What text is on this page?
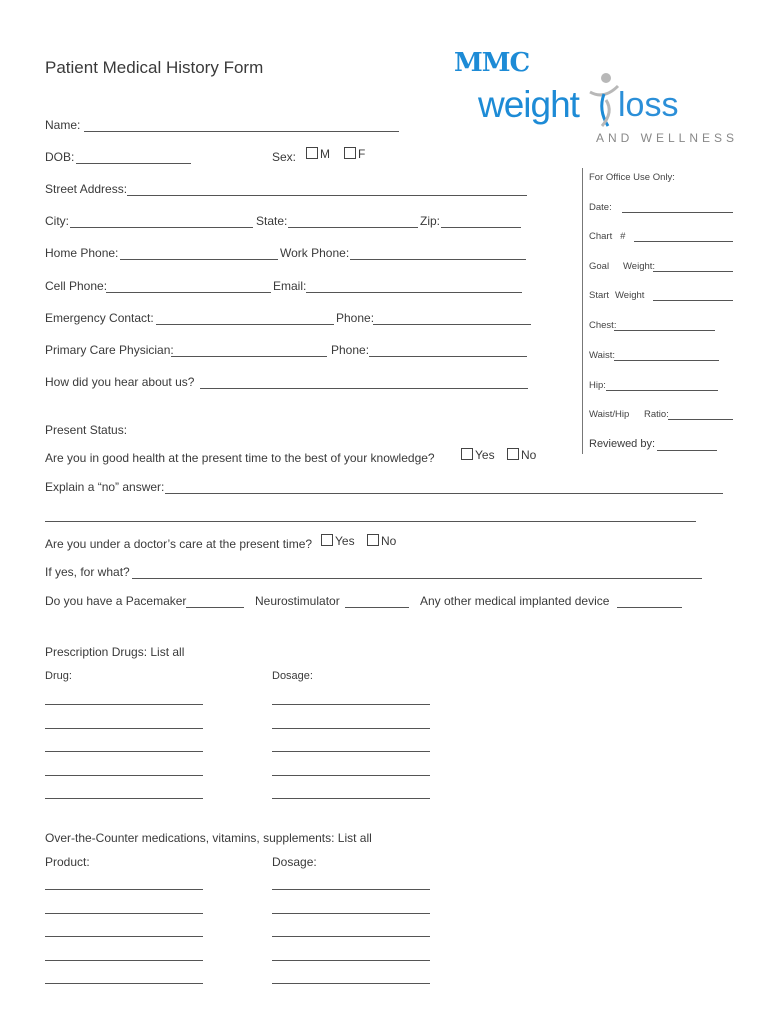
Patient Medical History Form	MMC
weight loss
AND WELLNESS
Name:
DOB:	Sex:	M	F
Street Address:
City:	State:	Zip:
Home Phone:	Work Phone:
Cell Phone:	Email:
Emergency Contact:	Phone:
Primary Care Physician:	Phone:
How did you hear about us?
For Office Use Only:
Date:
Chart   #
Goal Weight:
Start Weight
Chest:
Waist:
Hip:
Waist/Hip Ratio:
Reviewed by:
Present Status:
Are you in good health at the present time to the best of your knowledge?	Yes	No
Explain a “no” answer:
Are you under a doctor’s care at the present time?	Yes	No
If yes, for what?
Do you have a Pacemaker	Neurostimulator	Any other medical implanted device
Prescription Drugs: List all
Drug:	Dosage:
Over-the-Counter medications, vitamins, supplements: List all
Product:	Dosage:
